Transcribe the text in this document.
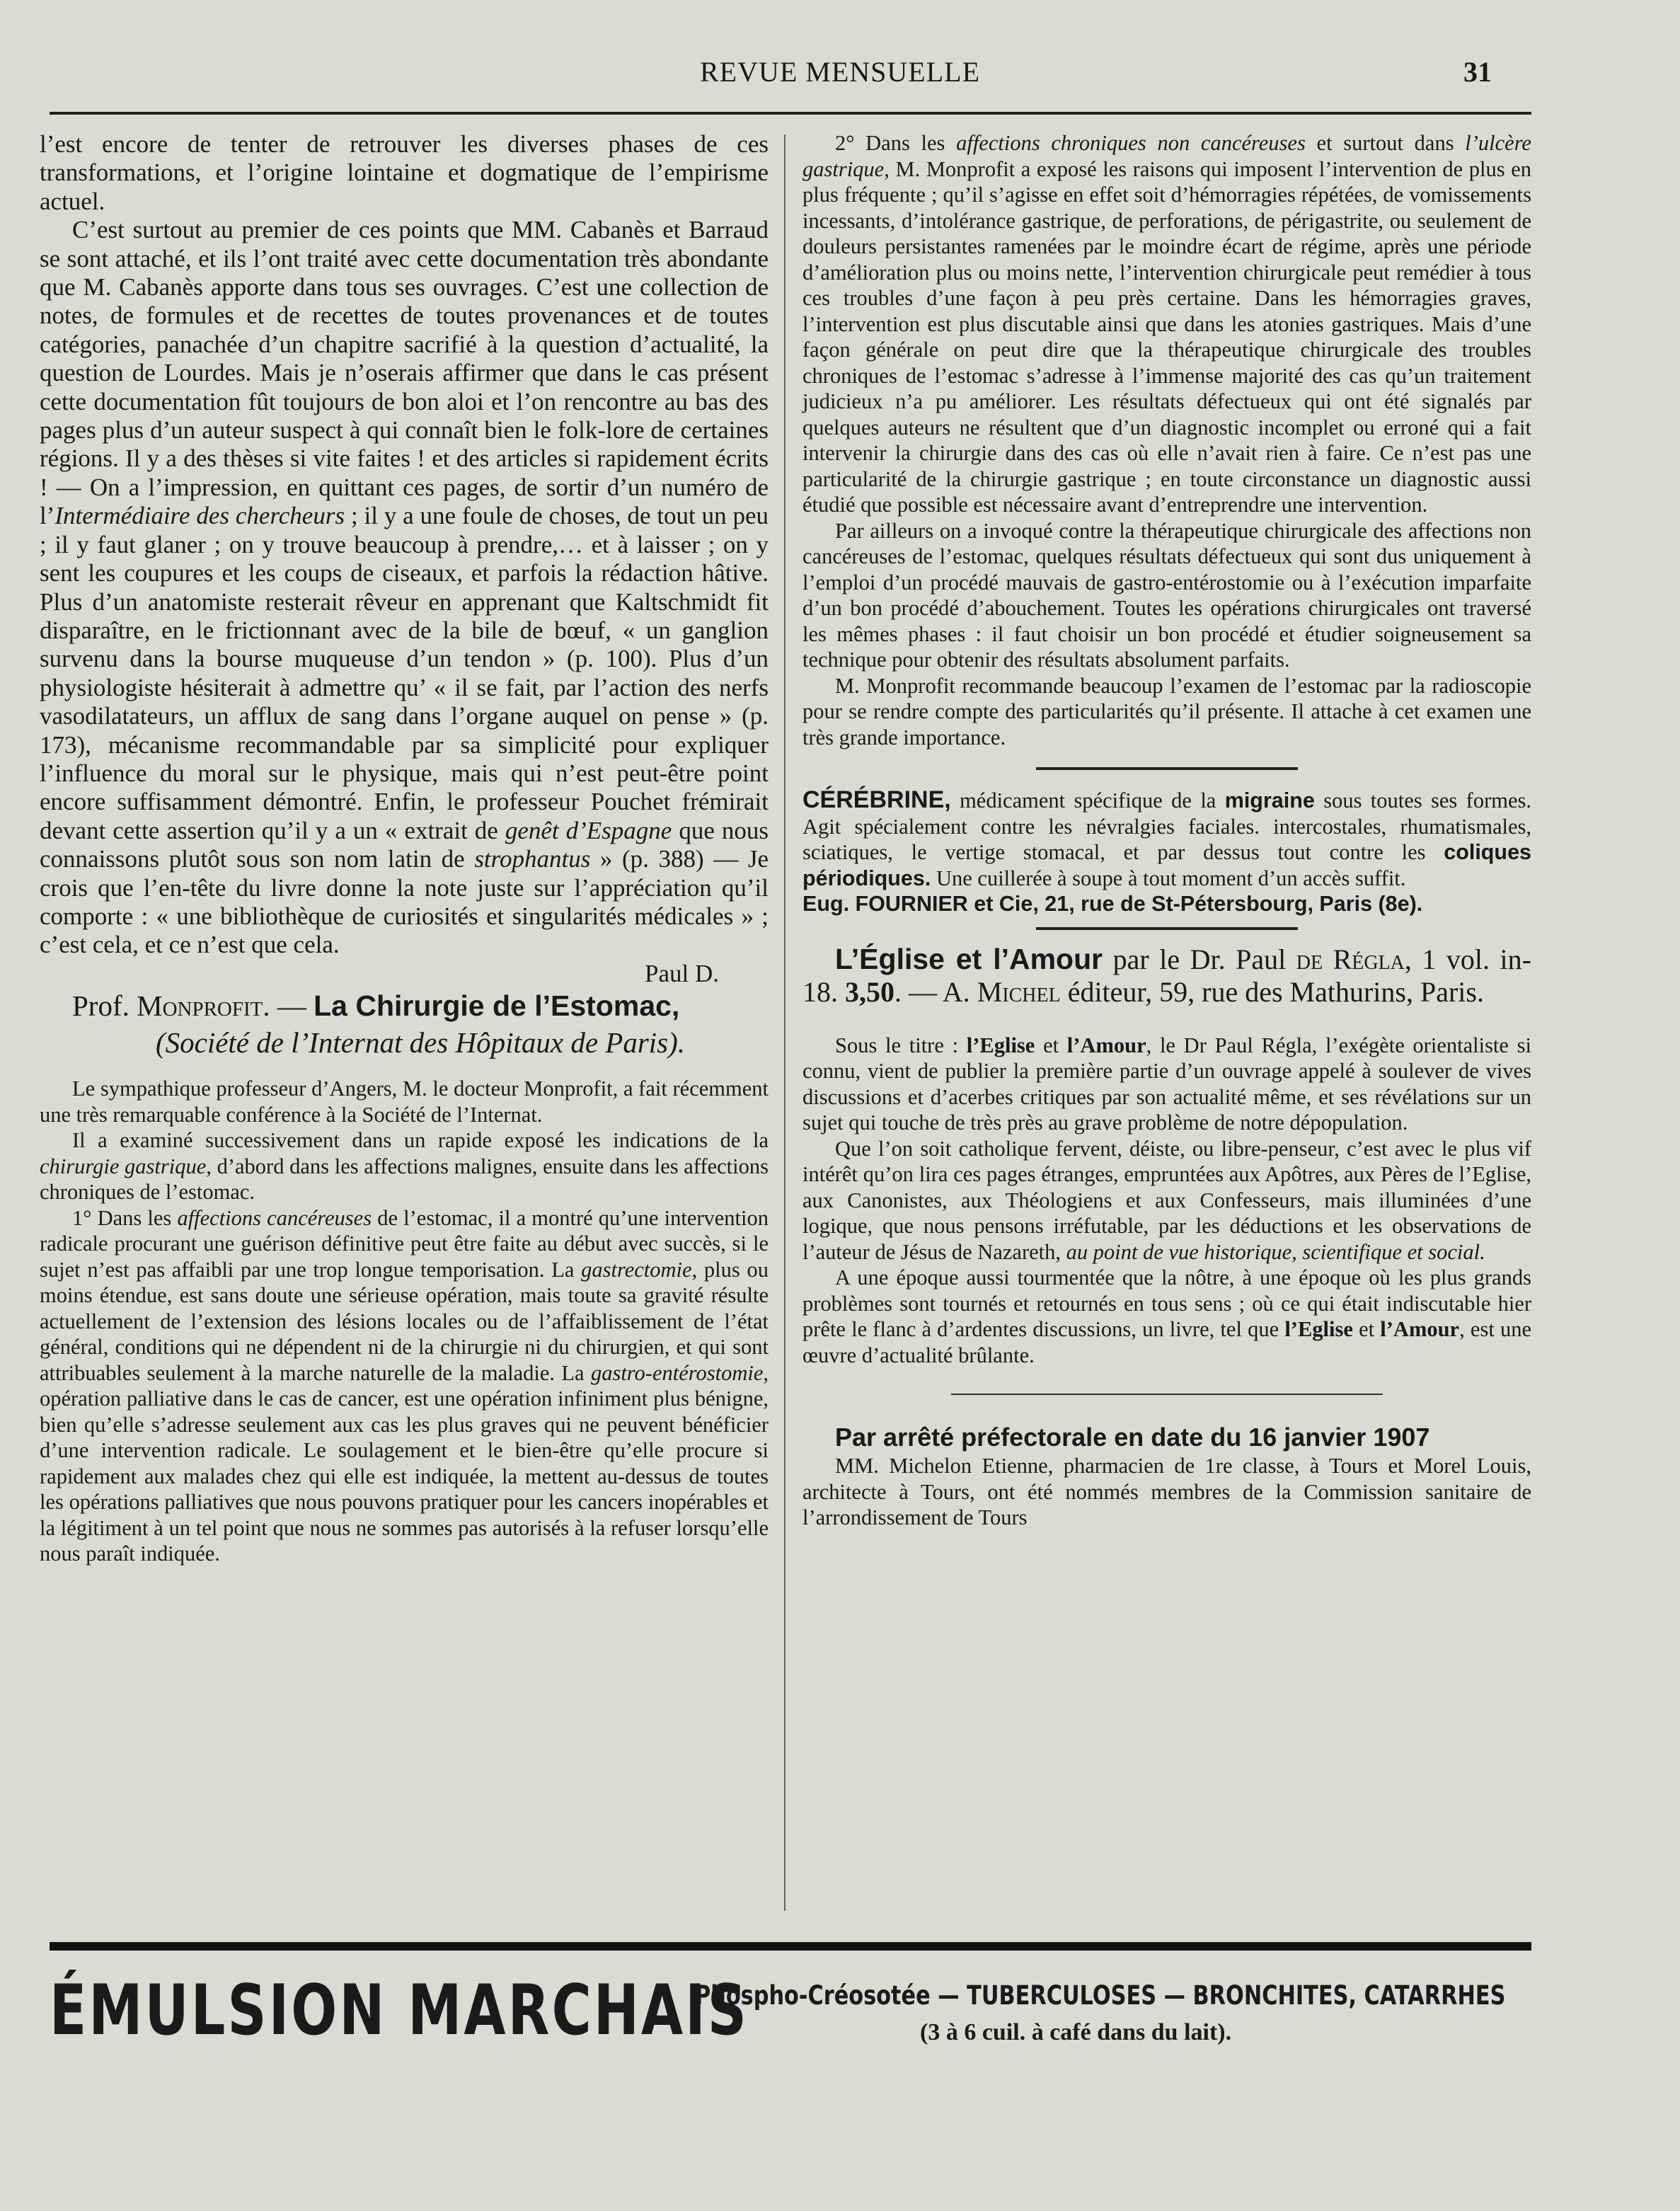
REVUE MENSUELLE	31

l’est encore de tenter de retrouver les diverses phases de ces transformations, et l’origine lointaine et dogmatique de l’empirisme actuel.

C’est surtout au premier de ces points que MM. Cabanès et Barraud se sont attaché, et ils l’ont traité avec cette documentation très abondante que M. Cabanès apporte dans tous ses ouvrages. C’est une collection de notes, de formules et de recettes de toutes provenances et de toutes catégories, panachée d’un chapitre sacrifié à la question d’actualité, la question de Lourdes. Mais je n’oserais affirmer que dans le cas présent cette documentation fût toujours de bon aloi et l’on rencontre au bas des pages plus d’un auteur suspect à qui connaît bien le folk-lore de certaines régions. Il y a des thèses si vite faites ! et des articles si rapidement écrits ! — On a l’impression, en quittant ces pages, de sortir d’un numéro de l’Intermédiaire des chercheurs ; il y a une foule de choses, de tout un peu ; il y faut glaner ; on y trouve beaucoup à prendre,… et à laisser ; on y sent les coupures et les coups de ciseaux, et parfois la rédaction hâtive. Plus d’un anatomiste resterait rêveur en apprenant que Kaltschmidt fit disparaître, en le frictionnant avec de la bile de bœuf, « un ganglion survenu dans la bourse muqueuse d’un tendon » (p. 100). Plus d’un physiologiste hésiterait à admettre qu’ « il se fait, par l’action des nerfs vasodilatateurs, un afflux de sang dans l’organe auquel on pense » (p. 173), mécanisme recommandable par sa simplicité pour expliquer l’influence du moral sur le physique, mais qui n’est peut-être point encore suffisamment démontré. Enfin, le professeur Pouchet frémirait devant cette assertion qu’il y a un « extrait de genêt d’Espagne que nous connaissons plutôt sous son nom latin de strophantus » (p. 388) — Je crois que l’en-tête du livre donne la note juste sur l’appréciation qu’il comporte : « une bibliothèque de curiosités et singularités médicales » ; c’est cela, et ce n’est que cela.

Paul D.

Prof. Monprofit. — La Chirurgie de l’Estomac,
(Société de l’Internat des Hôpitaux de Paris).

Le sympathique professeur d’Angers, M. le docteur Monprofit, a fait récemment une très remarquable conférence à la Société de l’Internat.

Il a examiné successivement dans un rapide exposé les indications de la chirurgie gastrique, d’abord dans les affections malignes, ensuite dans les affections chroniques de l’estomac.

1° Dans les affections cancéreuses de l’estomac, il a montré qu’une intervention radicale procurant une guérison définitive peut être faite au début avec succès, si le sujet n’est pas affaibli par une trop longue temporisation. La gastrectomie, plus ou moins étendue, est sans doute une sérieuse opération, mais toute sa gravité résulte actuellement de l’extension des lésions locales ou de l’affaiblissement de l’état général, conditions qui ne dépendent ni de la chirurgie ni du chirurgien, et qui sont attribuables seulement à la marche naturelle de la maladie. La gastro-entérostomie, opération palliative dans le cas de cancer, est une opération infiniment plus bénigne, bien qu’elle s’adresse seulement aux cas les plus graves qui ne peuvent bénéficier d’une intervention radicale. Le soulagement et le bien-être qu’elle procure si rapidement aux malades chez qui elle est indiquée, la mettent au-dessus de toutes les opérations palliatives que nous pouvons pratiquer pour les cancers inopérables et la légitiment à un tel point que nous ne sommes pas autorisés à la refuser lorsqu’elle nous paraît indiquée.

2° Dans les affections chroniques non cancéreuses et surtout dans l’ulcère gastrique, M. Monprofit a exposé les raisons qui imposent l’intervention de plus en plus fréquente ; qu’il s’agisse en effet soit d’hémorragies répétées, de vomissements incessants, d’intolérance gastrique, de perforations, de périgastrite, ou seulement de douleurs persistantes ramenées par le moindre écart de régime, après une période d’amélioration plus ou moins nette, l’intervention chirurgicale peut remédier à tous ces troubles d’une façon à peu près certaine. Dans les hémorragies graves, l’intervention est plus discutable ainsi que dans les atonies gastriques. Mais d’une façon générale on peut dire que la thérapeutique chirurgicale des troubles chroniques de l’estomac s’adresse à l’immense majorité des cas qu’un traitement judicieux n’a pu améliorer. Les résultats défectueux qui ont été signalés par quelques auteurs ne résultent que d’un diagnostic incomplet ou erroné qui a fait intervenir la chirurgie dans des cas où elle n’avait rien à faire. Ce n’est pas une particularité de la chirurgie gastrique ; en toute circonstance un diagnostic aussi étudié que possible est nécessaire avant d’entreprendre une intervention.

Par ailleurs on a invoqué contre la thérapeutique chirurgicale des affections non cancéreuses de l’estomac, quelques résultats défectueux qui sont dus uniquement à l’emploi d’un procédé mauvais de gastro-entérostomie ou à l’exécution imparfaite d’un bon procédé d’abouchement. Toutes les opérations chirurgicales ont traversé les mêmes phases : il faut choisir un bon procédé et étudier soigneusement sa technique pour obtenir des résultats absolument parfaits.

M. Monprofit recommande beaucoup l’examen de l’estomac par la radioscopie pour se rendre compte des particularités qu’il présente. Il attache à cet examen une très grande importance.

CÉRÉBRINE, médicament spécifique de la migraine sous toutes ses formes. Agit spécialement contre les névralgies faciales. intercostales, rhumatismales, sciatiques, le vertige stomacal, et par dessus tout contre les coliques périodiques. Une cuillerée à soupe à tout moment d’un accès suffit.

Eug. FOURNIER et Cie, 21, rue de St-Pétersbourg, Paris (8e).

L’Église et l’Amour par le Dr. Paul de Régla, 1 vol. in-18. 3,50. — A. Michel éditeur, 59, rue des Mathurins, Paris.

Sous le titre : l’Eglise et l’Amour, le Dr Paul Régla, l’exégète orientaliste si connu, vient de publier la première partie d’un ouvrage appelé à soulever de vives discussions et d’acerbes critiques par son actualité même, et ses révélations sur un sujet qui touche de très près au grave problème de notre dépopulation.

Que l’on soit catholique fervent, déiste, ou libre-penseur, c’est avec le plus vif intérêt qu’on lira ces pages étranges, empruntées aux Apôtres, aux Pères de l’Eglise, aux Canonistes, aux Théologiens et aux Confesseurs, mais illuminées d’une logique, que nous pensons irréfutable, par les déductions et les observations de l’auteur de Jésus de Nazareth, au point de vue historique, scientifique et social.

A une époque aussi tourmentée que la nôtre, à une époque où les plus grands problèmes sont tournés et retournés en tous sens ; où ce qui était indiscutable hier prête le flanc à d’ardentes discussions, un livre, tel que l’Eglise et l’Amour, est une œuvre d’actualité brûlante.

Par arrêté préfectorale en date du 16 janvier 1907

MM. Michelon Etienne, pharmacien de 1re classe, à Tours et Morel Louis, architecte à Tours, ont été nommés membres de la Commission sanitaire de l’arrondissement de Tours

ÉMULSION MARCHAIS
Phospho-Créosotée — TUBERCULOSES — BRONCHITES, CATARRHES
(3 à 6 cuil. à café dans du lait).
